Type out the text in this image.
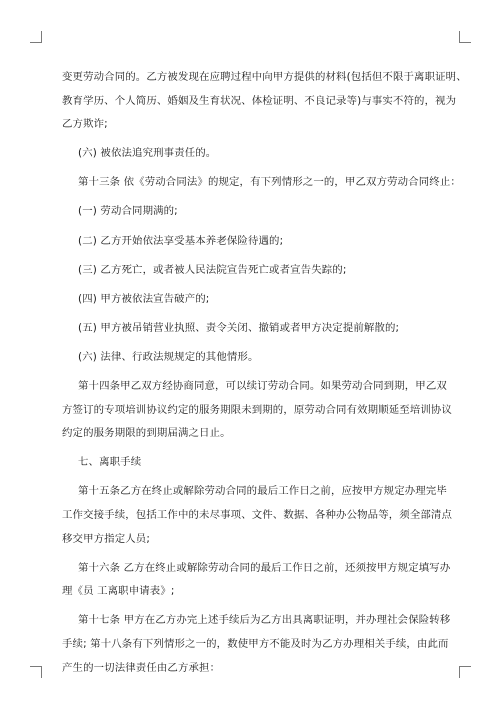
变更劳动合同的。乙方被发现在应聘过程中向甲方提供的材料(包括但不限于离职证明、

教育学历、个人简历、婚姻及生育状况、体检证明、不良记录等)与事实不符的，视为

乙方欺诈;

(六) 被依法追究刑事责任的。

第十三条 依《劳动合同法》的规定，有下列情形之一的，甲乙双方劳动合同终止：

(一) 劳动合同期满的;

(二) 乙方开始依法享受基本养老保险待遇的;

(三) 乙方死亡，或者被人民法院宣告死亡或者宣告失踪的;

(四) 甲方被依法宣告破产的;

(五) 甲方被吊销营业执照、责令关闭、撤销或者甲方决定提前解散的;

(六) 法律、行政法规规定的其他情形。

第十四条甲乙双方经协商同意，可以续订劳动合同。如果劳动合同到期，甲乙双

方签订的专项培训协议约定的服务期限未到期的，原劳动合同有效期顺延至培训协议

约定的服务期限的到期届满之日止。

七、离职手续

第十五条乙方在终止或解除劳动合同的最后工作日之前，应按甲方规定办理完毕

工作交接手续，包括工作中的未尽事项、文件、数据、各种办公物品等，须全部清点

移交甲方指定人员;

第十六条 乙方在终止或解除劳动合同的最后工作日之前，还须按甲方规定填写办

理《员 工离职申请表》;

第十七条 甲方在乙方办完上述手续后为乙方出具离职证明，并办理社会保险转移

手续; 第十八条有下列情形之一的，数使甲方不能及时为乙方办理相关手续，由此而

产生的一切法律责任由乙方承担：
